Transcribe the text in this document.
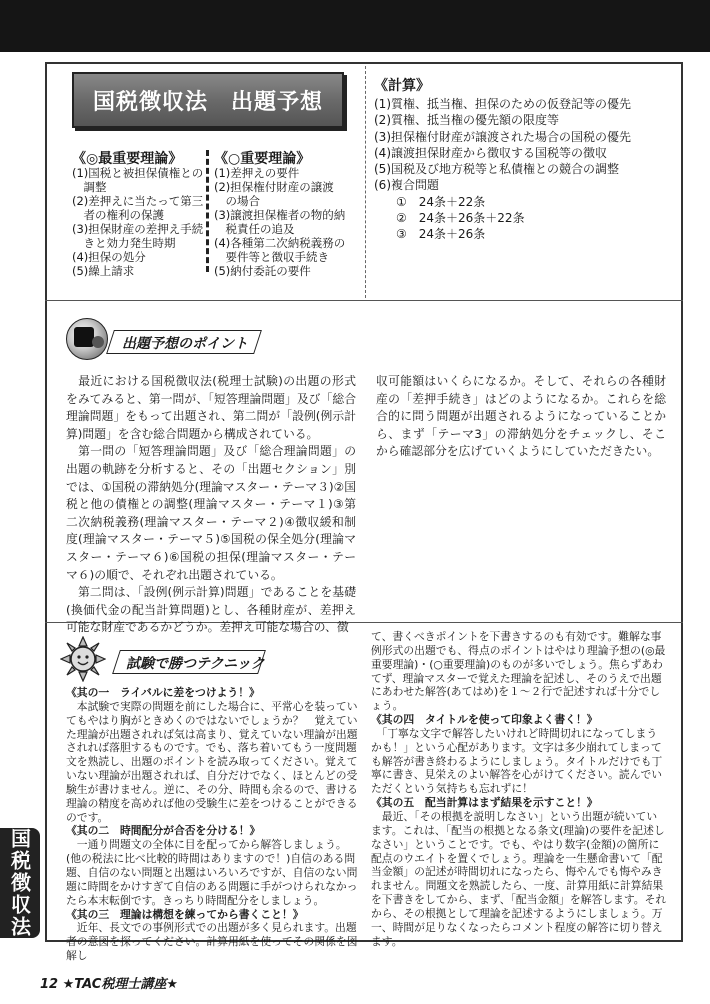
国税徴収法　出題予想
《◎最重要理論》
(1)国税と被担保債権との
　調整
(2)差押えに当たって第三
　者の権利の保護
(3)担保財産の差押え手続
　きと効力発生時期
(4)担保の処分
(5)繰上請求
《○重要理論》
(1)差押えの要件
(2)担保権付財産の譲渡
　の場合
(3)譲渡担保権者の物的納
　税責任の追及
(4)各種第二次納税義務の
　要件等と徴収手続き
(5)納付委託の要件
《計算》
(1)質権、抵当権、担保のための仮登記等の優先
(2)質権、抵当権の優先額の限度等
(3)担保権付財産が譲渡された場合の国税の優先
(4)譲渡担保財産から徴収する国税等の徴収
(5)国税及び地方税等と私債権との競合の調整
(6)複合問題
①　24条＋22条
②　24条＋26条＋22条
③　24条＋26条
出題予想のポイント

　最近における国税徴収法(税理士試験)の出題の形式をみてみると、第一問が、「短答理論問題」及び「総合理論問題」をもって出題され、第二問が「設例(例示計算)問題」を含む総合問題から構成されている。
　第一問の「短答理論問題」及び「総合理論問題」の出題の軌跡を分析すると、その「出題セクション」別では、①国税の滞納処分(理論マスター・テーマ３)②国税と他の債権との調整(理論マスター・テーマ１)③第二次納税義務(理論マスター・テーマ２)④徴収緩和制度(理論マスター・テーマ５)⑤国税の保全処分(理論マスター・テーマ６)⑥国税の担保(理論マスター・テーマ６)の順で、それぞれ出題されている。
　第二問は、「設例(例示計算)問題」であることを基礎(換価代金の配当計算問題)とし、各種財産が、差押え可能な財産であるかどうか。差押え可能な場合の、徴

収可能額はいくらになるか。そして、それらの各種財産の「差押手続き」はどのようになるか。これらを総合的に問う問題が出題されるようになっていることから、まず「テーマ3」の滞納処分をチェックし、そこから確認部分を広げていくようにしていただきたい。

試験で勝つテクニック
《其の一　ライバルに差をつけよう！》
　本試験で実際の問題を前にした場合に、平常心を装っていてもやはり胸がときめくのではないでしょうか？　覚えていた理論が出題されれば気は高まり、覚えていない理論が出題されれば落胆するものです。でも、落ち着いてもう一度問題文を熟読し、出題のポイントを読み取ってください。覚えていない理論が出題されれば、自分だけでなく、ほとんどの受験生が書けません。逆に、その分、時間も余るので、書ける理論の精度を高めれば他の受験生に差をつけることができるのです。
《其の二　時間配分が合否を分ける！》
　一通り問題文の全体に目を配ってから解答しましょう。(他の税法に比べ比較的時間はありますので！)自信のある問題、自信のない問題と出題はいろいろですが、自信のない問題に時間をかけすぎて自信のある問題に手がつけられなかったら本末転倒です。きっちり時間配分をしましょう。
《其の三　理論は構想を練ってから書くこと！》
　近年、長文での事例形式での出題が多く見られます。出題者の意図を探ってください。計算用紙を使ってその関係を図解し
て、書くべきポイントを下書きするのも有効です。難解な事例形式の出題でも、得点のポイントはやはり理論予想の(◎最重要理論)・(○重要理論)のものが多いでしょう。焦らずあわてず、理論マスターで覚えた理論を記述し、そのうえで出題にあわせた解答(あてはめ)を１～２行で記述すれば十分でしょう。
《其の四　タイトルを使って印象よく書く！》
　「丁寧な文字で解答したいけれど時間切れになってしまうかも！」という心配があります。文字は多少崩れてしまっても解答が書き終わるようにしましょう。タイトルだけでも丁寧に書き、見栄えのよい解答を心がけてください。読んでいただくという気持ちも忘れずに！
《其の五　配当計算はまず結果を示すこと！》
　最近、「その根拠を説明しなさい」という出題が続いています。これは、「配当の根拠となる条文(理論)の要件を記述しなさい」ということです。でも、やはり数字(金額)の箇所に配点のウエイトを置くでしょう。理論を一生懸命書いて「配当金額」の記述が時間切れになったら、悔やんでも悔やみきれません。問題文を熟読したら、一度、計算用紙に計算結果を下書きをしてから、まず、「配当金額」を解答します。それから、その根拠として理論を記述するようにしましょう。万一、時間が足りなくなったらコメント程度の解答に切り替えます。
国税徴収法
12 ★TAC税理士講座★
